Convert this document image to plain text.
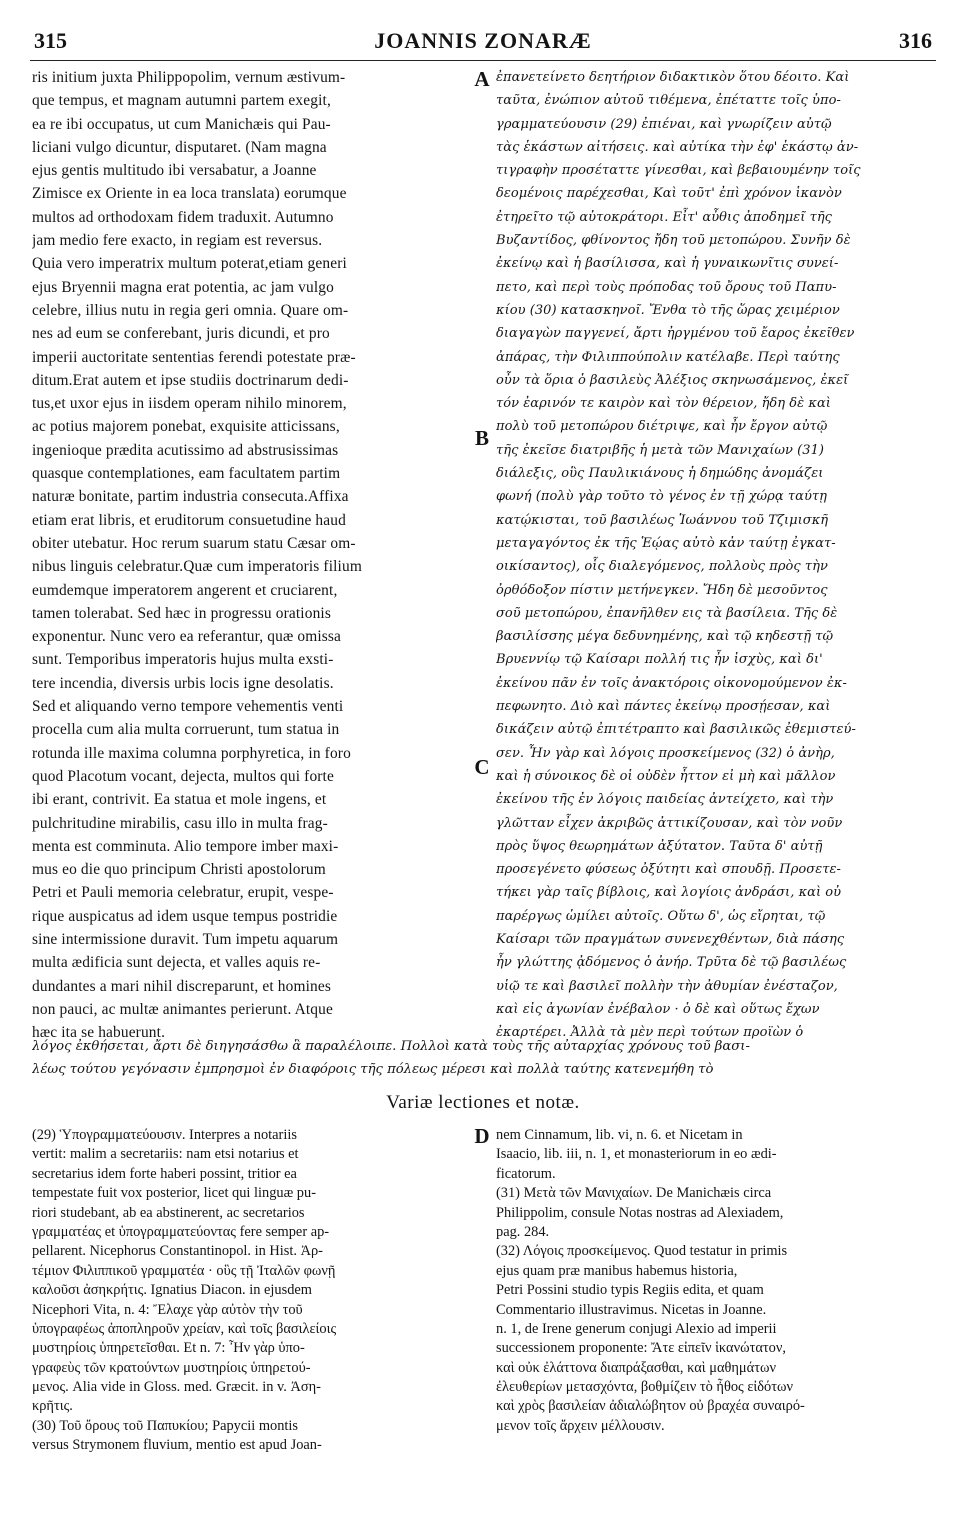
315	JOANNIS ZONARÆ	316
ris initium juxta Philippopolim, vernum æstivum-
que tempus, et magnam autumni partem exegit,
ea re ibi occupatus, ut cum Manichæis qui Pau-
liciani vulgo dicuntur, disputaret. (Nam magna
ejus gentis multitudo ibi versabatur, a Joanne
Zimisce ex Oriente in ea loca translata) eorumque
multos ad orthodoxam fidem traduxit. Autumno
jam medio fere exacto, in regiam est reversus.
Quia vero imperatrix multum poterat,etiam generi
ejus Bryennii magna erat potentia, ac jam vulgo
celebre, illius nutu in regia geri omnia. Quare om-
nes ad eum se conferebant, juris dicundi, et pro
imperii auctoritate sententias ferendi potestate præ-
ditum.Erat autem et ipse studiis doctrinarum dedi-
tus,et uxor ejus in iisdem operam nihilo minorem,
ac potius majorem ponebat, exquisite atticissans,
ingenioque prædita acutissimo ad abstrusissimas
quasque contemplationes, eam facultatem partim
naturæ bonitate, partim industria consecuta.Affixa
etiam erat libris, et eruditorum consuetudine haud
obiter utebatur. Hoc rerum suarum statu Cæsar om-
nibus linguis celebratur.Quæ cum imperatoris filium
eumdemque imperatorem angerent et cruciarent,
tamen tolerabat. Sed hæc in progressu orationis
exponentur. Nunc vero ea referantur, quæ omissa
sunt. Temporibus imperatoris hujus multa exsti-
tere incendia, diversis urbis locis igne desolatis.
Sed et aliquando verno tempore vehementis venti
procella cum alia multa corruerunt, tum statua in
rotunda ille maxima columna porphyretica, in foro
quod Placotum vocant, dejecta, multos qui forte
ibi erant, contrivit. Ea statua et mole ingens, et
pulchritudine mirabilis, casu illo in multa frag-
menta est comminuta. Alio tempore imber maxi-
mus eo die quo principum Christi apostolorum
Petri et Pauli memoria celebratur, erupit, vespe-
rique auspicatus ad idem usque tempus postridie
sine intermissione duravit. Tum impetu aquarum
multa ædificia sunt dejecta, et valles aquis re-
dundantes a mari nihil discreparunt, et homines
non pauci, ac multæ animantes perierunt. Atque
hæc ita se habuerunt.
ἐπανετείνετο δεητήριον διδακτικὸν ὅτου δέοιτο. Καὶ
ταῦτα, ἐνώπιον αὐτοῦ τιθέμενα, ἐπέταττε τοῖς ὑπο-
γραμματεύουσιν (29) ἐπιέναι, καὶ γνωρίζειν αὐτῷ
τὰς ἑκάστων αἰτήσεις. καὶ αὐτίκα τὴν ἐφ' ἑκάστῳ ἀν-
τιγραφὴν προσέταττε γίνεσθαι, καὶ βεβαιουμένην τοῖς
δεομένοις παρέχεσθαι, Καὶ τοῦτ' ἐπὶ χρόνον ἱκανὸν
ἐτηρεῖτο τῷ αὐτοκράτορι. Εἶτ' αὖθις ἀποδημεῖ τῆς
Βυζαντίδος, φθίνοντος ἤδη τοῦ μετοπώρου. Συνῆν δὲ
ἐκείνῳ καὶ ἡ βασίλισσα, καὶ ἡ γυναικωνῖτις συνεί-
πετο, καὶ περὶ τοὺς πρόποδας τοῦ ὄρους τοῦ Παπυ-
κίου (30) κατασκηνοῖ. Ἔνθα τὸ τῆς ὥρας χειμέριον
διαγαγὼν παγγενεί, ἄρτι ἠργμένου τοῦ ἔαρος ἐκεῖθεν
ἀπάρας, τὴν Φιλιππούπολιν κατέλαβε. Περὶ ταύτης
οὖν τὰ ὅρια ὁ βασιλεὺς Ἀλέξιος σκηνωσάμενος, ἐκεῖ
τόν ἐαρινόν τε καιρὸν καὶ τὸν θέρειον, ἤδη δὲ καὶ
πολὺ τοῦ μετοπώρου διέτριψε, καὶ ἦν ἔργον αὐτῷ
τῆς ἐκεῖσε διατριβῆς ἡ μετὰ τῶν Μανιχαίων (31)
διάλεξις, οὓς Παυλικιάνους ἡ δημώδης ἀνομάζει
φωνή (πολὺ γὰρ τοῦτο τὸ γένος ἐν τῇ χώρᾳ ταύτῃ
κατῴκισται, τοῦ βασιλέως Ἰωάννου τοῦ Τζιμισκῆ
μεταγαγόντος ἐκ τῆς Ἑῴας αὐτὸ κἀν ταύτῃ ἐγκατ-
οικίσαντος), οἷς διαλεγόμενος, πολλοὺς πρὸς τὴν
ὀρθόδοξον πίστιν μετήνεγκεν. Ἤδη δὲ μεσοῦντος
σοῦ μετοπώρου, ἐπανῆλθεν εις τὰ βασίλεια. Τῆς δὲ
βασιλίσσης μέγα δεδυνημένης, καὶ τῷ κηδεστῇ τῷ
Βρυεννίῳ τῷ Καίσαρι πολλή τις ἦν ἰσχὺς, καὶ δι'
ἐκείνου πᾶν ἐν τοῖς ἀνακτόροις οἰκονομούμενον ἐκ-
πεφωνητο. Διὸ καὶ πάντες ἐκείνῳ προσῄεσαν, καὶ
δικάζειν αὐτῷ ἐπιτέτραπτο καὶ βασιλικῶς ἐθεμιστεύ-
σεν. Ἦν γὰρ καὶ λόγοις προσκείμενος (32) ὁ ἀνὴρ,
καὶ ἡ σύνοικος δὲ οἱ οὐδὲν ἧττον εἰ μὴ καὶ μᾶλλον
ἐκείνου τῆς ἐν λόγοις παιδείας ἀντείχετο, καὶ τὴν
γλῶτταν εἶχεν ἀκριβῶς ἀττικίζουσαν, καὶ τὸν νοῦν
πρὸς ὕψος θεωρημάτων ἀξύτατον. Ταῦτα δ' αὐτῇ
προσεγένετο φύσεως ὀξύτητι καὶ σπουδῇ. Προσετε-
τήκει γὰρ ταῖς βίβλοις, καὶ λογίοις ἀνδράσι, καὶ οὐ
παρέργως ὡμίλει αὐτοῖς. Οὕτω δ', ὡς εἴρηται, τῷ
Καίσαρι τῶν πραγμάτων συνενεχθέντων, διὰ πάσης
ἦν γλώττης ᾀδόμενος ὁ ἀνήρ. Τρῦτα δὲ τῷ βασιλέως
υἱῷ τε καὶ βασιλεῖ πολλὴν τὴν ἀθυμίαν ἐνέσταζον,
καὶ εἰς ἀγωνίαν ἐνέβαλον · ὁ δὲ καὶ οὕτως ἔχων
ἐκαρτέρει. Ἀλλὰ τὰ μὲν περὶ τούτων προϊὼν ὁ
A
B
C
D
λόγος ἐκθήσεται, ἄρτι δὲ διηγησάσθω ἃ παραλέλοιπε. Πολλοὶ κατὰ τοὺς τῆς αὐταρχίας χρόνους τοῦ βασι-
λέως τούτου γεγόνασιν ἐμπρησμοὶ ἐν διαφόροις τῆς πόλεως μέρεσι καὶ πολλὰ ταύτης κατενεμήθη τὸ
Variæ lectiones et notæ.
(29) Ὑπογραμματεύουσιν. Interpres a notariis
vertit: malim a secretariis: nam etsi notarius et
secretarius idem forte haberi possint, tritior ea
tempestate fuit vox posterior, licet qui linguæ pu-
riori studebant, ab ea abstinerent, ac secretarios
γραμματέας et ὑπογραμματεύοντας fere semper ap-
pellarent. Nicephorus Constantinopol. in Hist. Ἀρ-
τέμιον Φιλιππικοῦ γραμματέα · οὓς τῇ Ἰταλῶν φωνῇ
καλοῦσι ἀσηκρήτις. Ignatius Diacon. in ejusdem
Nicephori Vita, n. 4: Ἔλαχε γὰρ αὐτὸν τὴν τοῦ
ὑπογραφέως ἀποπληροῦν χρείαν, καὶ τοῖς βασιλείοις
μυστηρίοις ὑπηρετεῖσθαι. Et n. 7: Ἦν γὰρ ὑπο-
γραφεὺς τῶν κρατούντων μυστηρίοις ὑπηρετού-
μενος. Alia vide in Gloss. med. Græcit. in v. Ἀση-
κρῆτις.
(30) Τοῦ ὄρους τοῦ Παπυκίου; Papycii montis
versus Strymonem fluvium, mentio est apud Joan-
nem Cinnamum, lib. vi, n. 6. et Nicetam in
Isaacio, lib. iii, n. 1, et monasteriorum in eo ædi-
ficatorum.
(31) Μετὰ τῶν Μανιχαίων. De Manichæis circa
Philippolim, consule Notas nostras ad Alexiadem,
pag. 284.
(32) Λόγοις προσκείμενος. Quod testatur in primis
ejus quam præ manibus habemus historia,
Petri Possini studio typis Regiis edita, et quam
Commentario illustravimus. Nicetas in Joanne.
n. 1, de Irene generum conjugi Alexio ad imperii
successionem proponente: Ἄτε εἰπεῖν ἱκανώτατον,
καὶ οὐκ ἐλάττονα διαπράξασθαι, καὶ μαθημάτων
ἐλευθερίων μετασχόντα, βοθμίζειν τὸ ἦθος εἰδότων
καὶ χρὸς βασιλείαν ἀδιαλώβητον οὐ βραχέα συναιρό-
μενον τοῖς ἄρχειν μέλλουσιν.
